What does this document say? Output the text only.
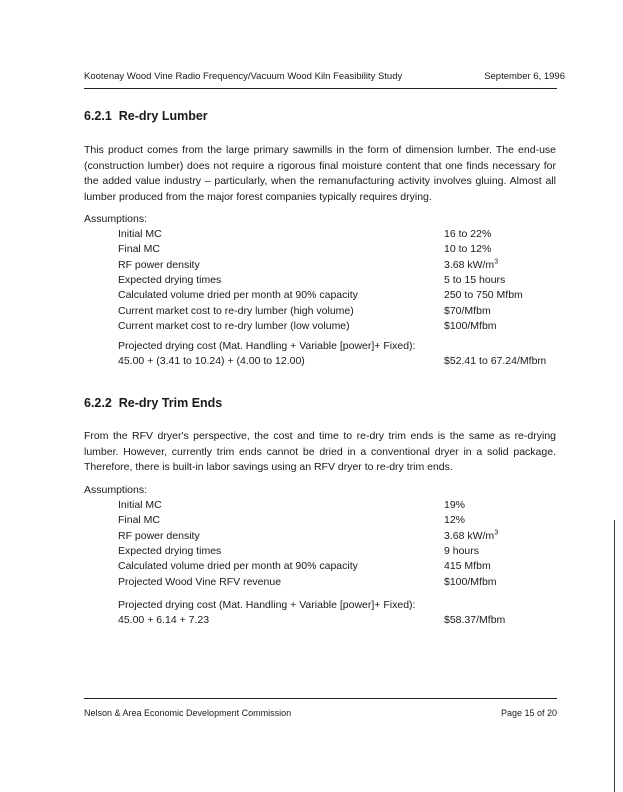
Kootenay Wood Vine Radio Frequency/Vacuum Wood Kiln Feasibility Study	September 6, 1996
6.2.1 Re-dry Lumber
This product comes from the large primary sawmills in the form of dimension lumber. The end-use (construction lumber) does not require a rigorous final moisture content that one finds necessary for the added value industry – particularly, when the remanufacturing activity involves gluing. Almost all lumber produced from the major forest companies typically requires drying.
Assumptions:
Initial MC	16 to 22%
Final MC	10 to 12%
RF power density	3.68 $kW/m^3$
Expected drying times	5 to 15 hours
Calculated volume dried per month at 90% capacity	250 to 750 Mfbm
Current market cost to re-dry lumber (high volume)	$70/Mfbm
Current market cost to re-dry lumber (low volume)	$100/Mfbm
Projected drying cost (Mat. Handling + Variable [power]+ Fixed):
45.00 + (3.41 to 10.24) + (4.00 to 12.00)	$52.41 to 67.24/Mfbm
6.2.2 Re-dry Trim Ends
From the RFV dryer's perspective, the cost and time to re-dry trim ends is the same as re-drying lumber. However, currently trim ends cannot be dried in a conventional dryer in a solid package. Therefore, there is built-in labor savings using an RFV dryer to re-dry trim ends.
Assumptions:
Initial MC	19%
Final MC	12%
RF power density	3.68 $kW/m^3$
Expected drying times	9 hours
Calculated volume dried per month at 90% capacity	415 Mfbm
Projected Wood Vine RFV revenue	$100/Mfbm
Projected drying cost (Mat. Handling + Variable [power]+ Fixed):
45.00 + 6.14 + 7.23	$58.37/Mfbm
Nelson & Area Economic Development Commission	Page 15 of 20
